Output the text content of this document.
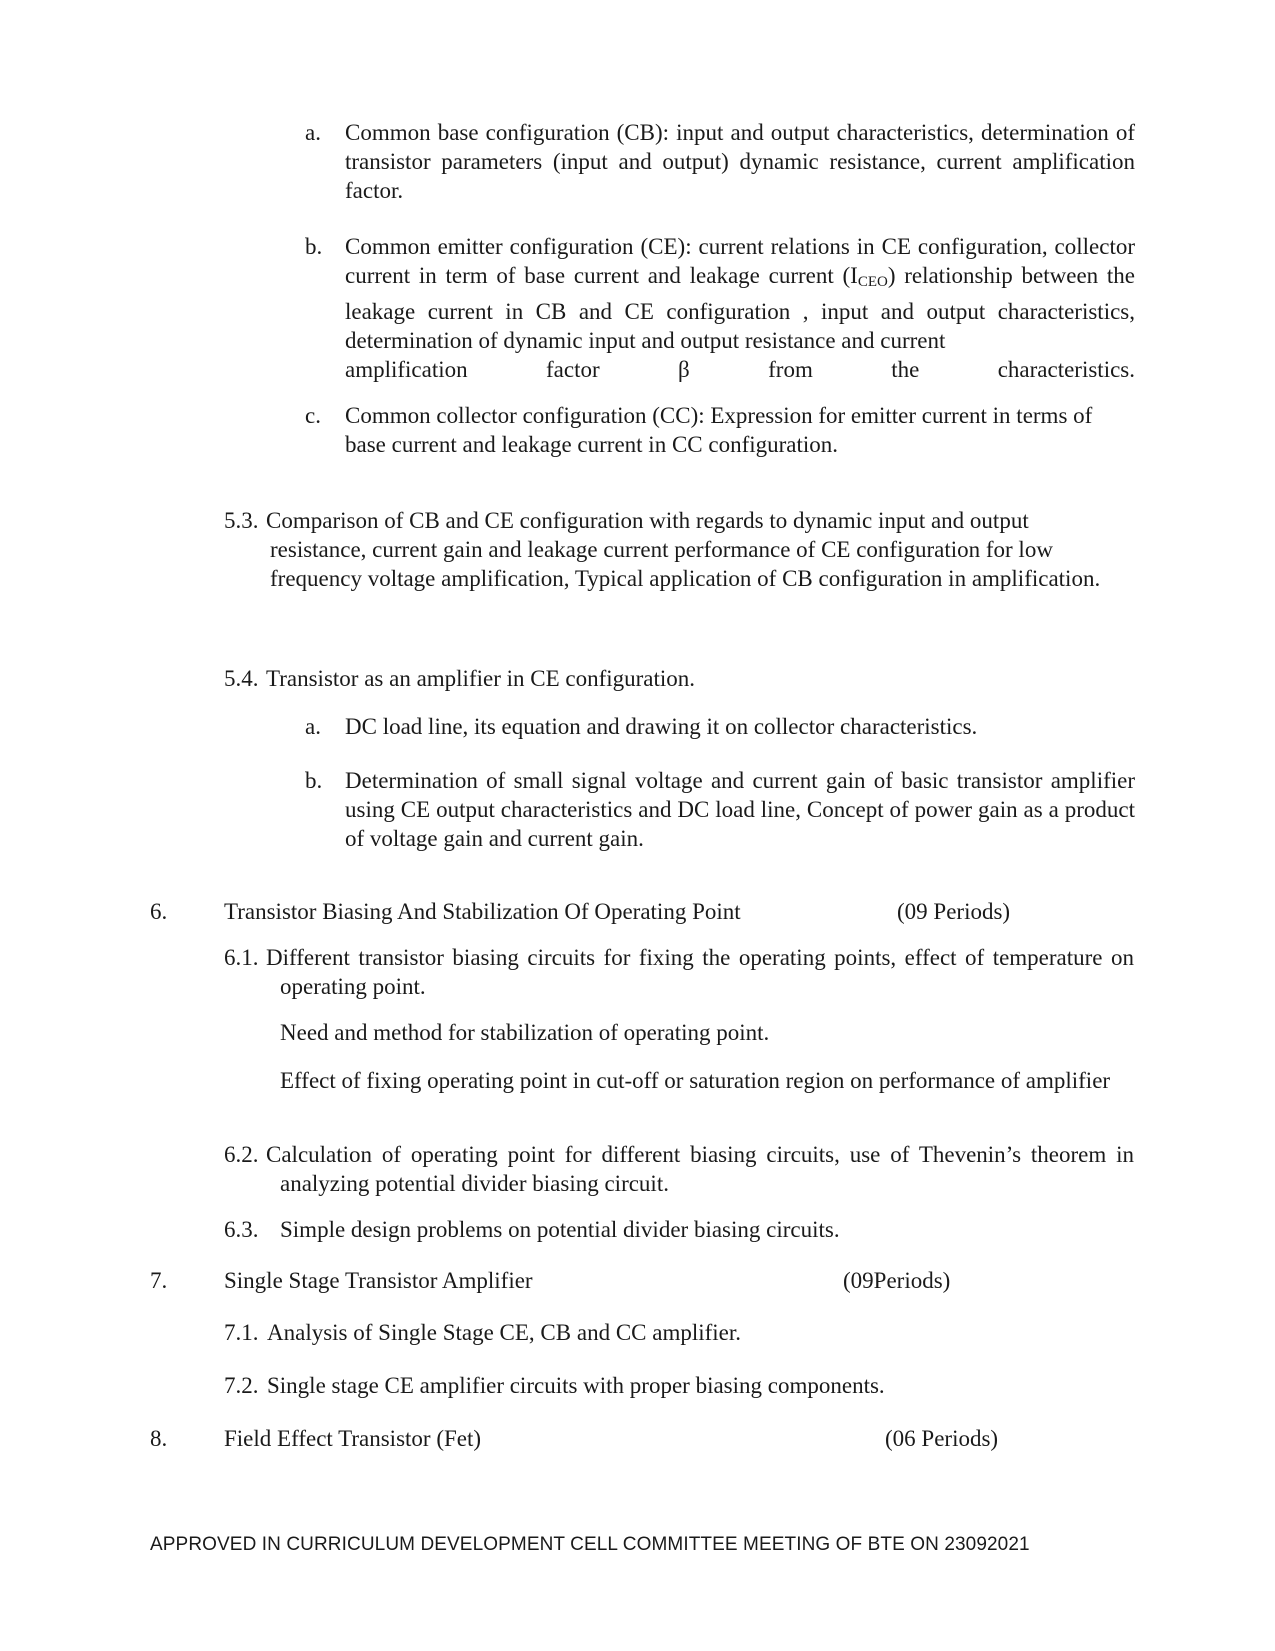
a.	Common base configuration (CB): input and output characteristics, determination of transistor parameters (input and output) dynamic resistance, current amplification factor.
b. Common emitter configuration (CE): current relations in CE configuration, collector current in term of base current and leakage current $(I_{CEO})$ relationship between the leakage current in CB and CE configuration , input and output characteristics, determination of dynamic input and output resistance and current
amplification factor β from the characteristics.
c.	Common collector configuration (CC): Expression for emitter current in terms of base current and leakage current in CC configuration.
5.3. Comparison of CB and CE configuration with regards to dynamic input and output resistance, current gain and leakage current performance of CE configuration for low frequency voltage amplification, Typical application of CB configuration in amplification.
5.4. Transistor as an amplifier in CE configuration.
a.	DC load line, its equation and drawing it on collector characteristics.
b. Determination of small signal voltage and current gain of basic transistor amplifier using CE output characteristics and DC load line, Concept of power gain as a product of voltage gain and current gain.
6. Transistor Biasing And Stabilization Of Operating Point	(09 Periods)
6.1. Different transistor biasing circuits for fixing the operating points, effect of temperature on operating point.
Need and method for stabilization of operating point.
Effect of fixing operating point in cut-off or saturation region on performance of amplifier
6.2. Calculation of operating point for different biasing circuits, use of Thevenin’s theorem in analyzing potential divider biasing circuit.
6.3. Simple design problems on potential divider biasing circuits.
7. Single Stage Transistor Amplifier	(09Periods)
7.1. Analysis of Single Stage CE, CB and CC amplifier.
7.2. Single stage CE amplifier circuits with proper biasing components.
8. Field Effect Transistor (Fet)	(06 Periods)
APPROVED IN CURRICULUM DEVELOPMENT CELL COMMITTEE MEETING OF BTE ON 23092021
